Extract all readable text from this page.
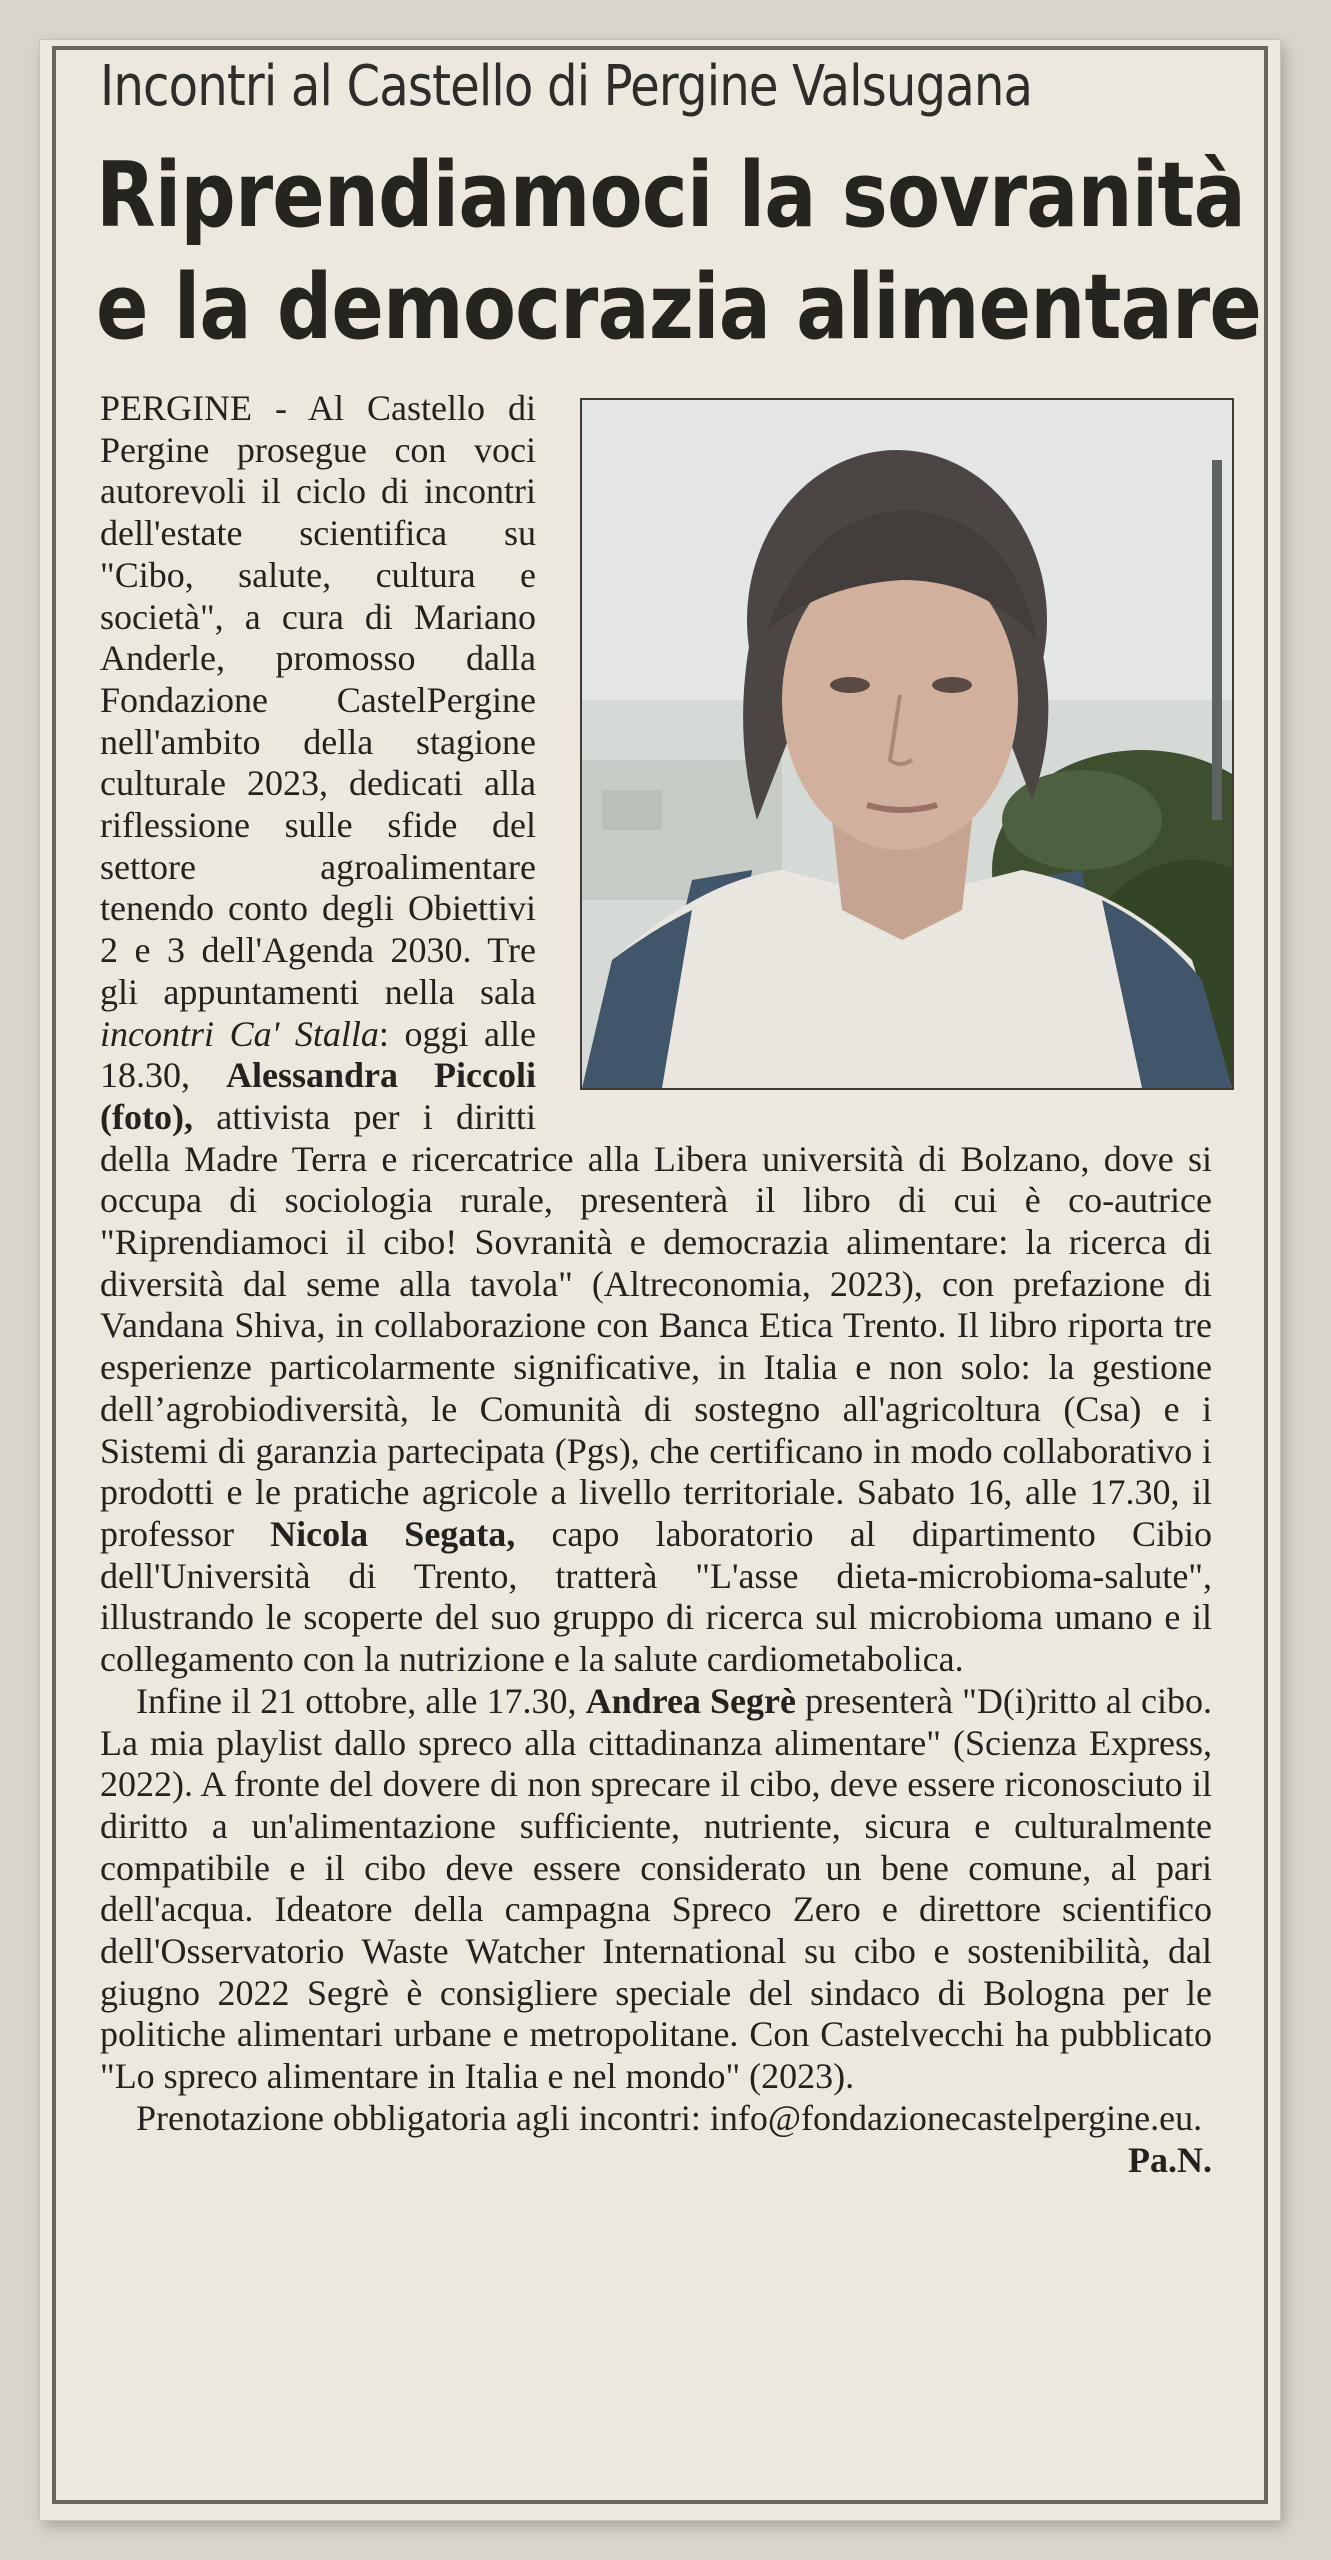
Incontri al Castello di Pergine Valsugana
Riprendiamoci la sovranità
e la democrazia alimentare

PERGINE - Al Castello di Pergine prosegue con voci autorevoli il ciclo di incontri dell'estate scientifica su "Cibo, salute, cultura e società", a cura di Mariano Anderle, promosso dalla Fondazione CastelPergine nell'ambito della stagione culturale 2023, dedicati alla riflessione sulle sfide del settore agroalimentare tenendo conto degli Obiettivi 2 e 3 dell'Agenda 2030. Tre gli appuntamenti nella sala incontri Ca' Stalla: oggi alle 18.30, Alessandra Piccoli (foto), attivista per i diritti della Madre Terra e ricercatrice alla Libera università di Bolzano, dove si occupa di sociologia rurale, presenterà il libro di cui è co-autrice "Riprendiamoci il cibo! Sovranità e democrazia alimentare: la ricerca di diversità dal seme alla tavola" (Altreconomia, 2023), con prefazione di Vandana Shiva, in collaborazione con Banca Etica Trento. Il libro riporta tre esperienze particolarmente significative, in Italia e non solo: la gestione dell’agrobiodiversità, le Comunità di sostegno all'agricoltura (Csa) e i Sistemi di garanzia partecipata (Pgs), che certificano in modo collaborativo i prodotti e le pratiche agricole a livello territoriale. Sabato 16, alle 17.30, il professor Nicola Segata, capo laboratorio al dipartimento Cibio dell'Università di Trento, tratterà "L'asse dieta-microbioma-salute", illustrando le scoperte del suo gruppo di ricerca sul microbioma umano e il collegamento con la nutrizione e la salute cardiometabolica.

Infine il 21 ottobre, alle 17.30, Andrea Segrè presenterà "D(i)ritto al cibo. La mia playlist dallo spreco alla cittadinanza alimentare" (Scienza Express, 2022). A fronte del dovere di non sprecare il cibo, deve essere riconosciuto il diritto a un'alimentazione sufficiente, nutriente, sicura e culturalmente compatibile e il cibo deve essere considerato un bene comune, al pari dell'acqua. Ideatore della campagna Spreco Zero e direttore scientifico dell'Osservatorio Waste Watcher International su cibo e sostenibilità, dal giugno 2022 Segrè è consigliere speciale del sindaco di Bologna per le politiche alimentari urbane e metropolitane. Con Castelvecchi ha pubblicato "Lo spreco alimentare in Italia e nel mondo" (2023).

Prenotazione obbligatoria agli incontri: info@fondazionecastelpergine.eu.

Pa.N.
